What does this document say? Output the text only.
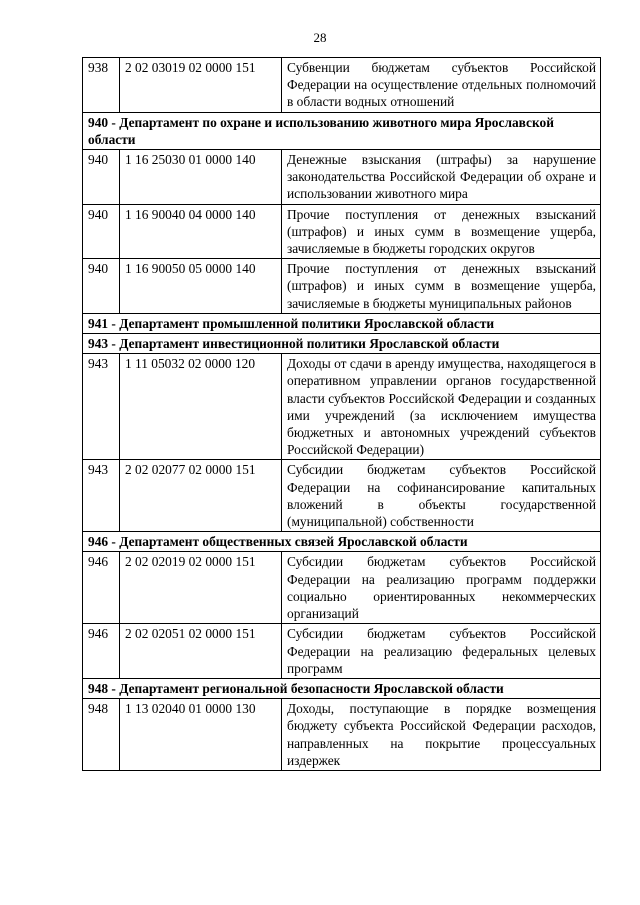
28
938	2 02 03019 02 0000 151	Субвенции бюджетам субъектов Российской Федерации на осуществление отдельных полномочий в области водных отношений
940 - Департамент по охране и использованию животного мира Ярославской области		
940	1 16 25030 01 0000 140	Денежные взыскания (штрафы) за нарушение законодательства Российской Федерации об охране и использовании животного мира
940	1 16 90040 04 0000 140	Прочие поступления от денежных взысканий (штрафов) и иных сумм в возмещение ущерба, зачисляемые в бюджеты городских округов
940	1 16 90050 05 0000 140	Прочие поступления от денежных взысканий (штрафов) и иных сумм в возмещение ущерба, зачисляемые в бюджеты муниципальных районов
941 - Департамент промышленной политики Ярославской области		
943 - Департамент инвестиционной политики Ярославской области		
943	1 11 05032 02 0000 120	Доходы от сдачи в аренду имущества, находящегося в оперативном управлении органов государственной власти субъектов Российской Федерации и созданных ими учреждений (за исключением имущества бюджетных и автономных учреждений субъектов Российской Федерации)
943	2 02 02077 02 0000 151	Субсидии бюджетам субъектов Российской Федерации на софинансирование капитальных вложений в объекты государственной (муниципальной) собственности
946 - Департамент общественных связей Ярославской области		
946	2 02 02019 02 0000 151	Субсидии бюджетам субъектов Российской Федерации на реализацию программ поддержки социально ориентированных некоммерческих организаций
946	2 02 02051 02 0000 151	Субсидии бюджетам субъектов Российской Федерации на реализацию федеральных целевых программ
948 - Департамент региональной безопасности Ярославской области		
948	1 13 02040 01 0000 130	Доходы, поступающие в порядке возмещения бюджету субъекта Российской Федерации расходов, направленных на покрытие процессуальных издержек
